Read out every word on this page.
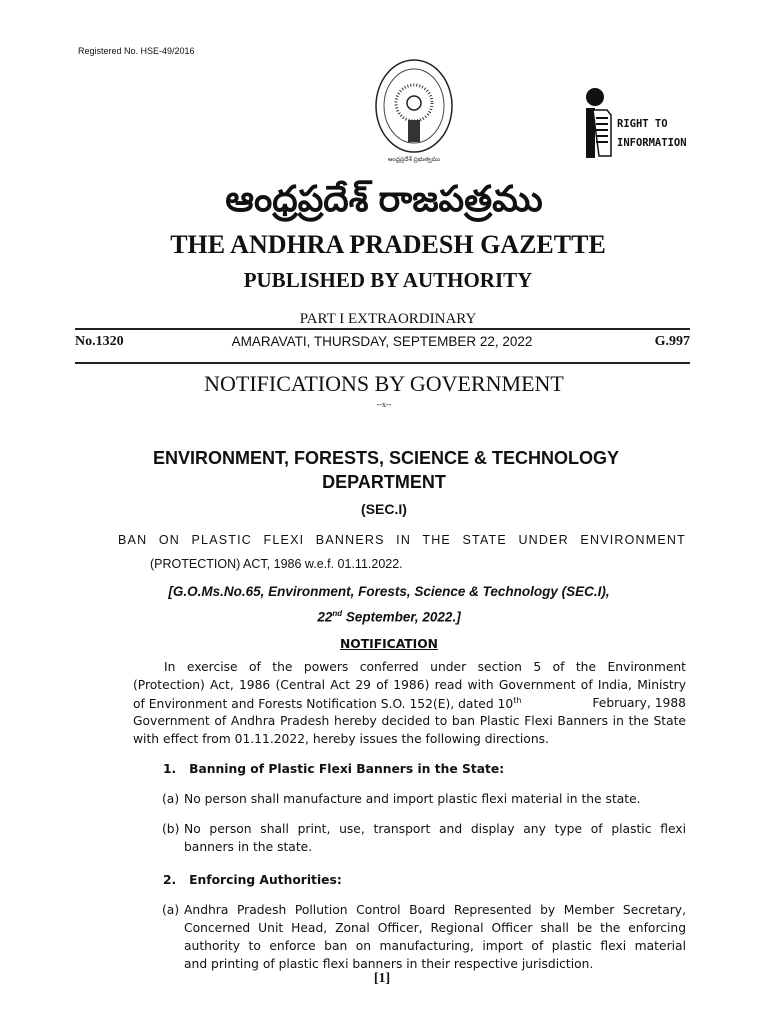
Registered No. HSE-49/2016
ఆంధ్రప్రదేశ్ ప్రభుత్వము
RIGHT TO
INFORMATION
ఆంధ్రప్రదేశ్ రాజపత్రము
THE ANDHRA PRADESH GAZETTE
PUBLISHED BY AUTHORITY
PART I EXTRAORDINARY
No.1320	AMARAVATI, THURSDAY, SEPTEMBER 22, 2022	G.997
NOTIFICATIONS BY GOVERNMENT
--x--
ENVIRONMENT, FORESTS, SCIENCE & TECHNOLOGY
DEPARTMENT
(SEC.I)
BAN ON PLASTIC FLEXI BANNERS IN THE STATE UNDER ENVIRONMENT
(PROTECTION) ACT, 1986 w.e.f. 01.11.2022.
[G.O.Ms.No.65, Environment, Forests, Science & Technology (SEC.I),
22nd September, 2022.]
NOTIFICATION
In exercise of the powers conferred under section 5 of the Environment
(Protection) Act, 1986 (Central Act 29 of 1986) read with Government of India, Ministry
of Environment and Forests Notification S.O. 152(E), dated 10th	February, 1988
Government of Andhra Pradesh hereby decided to ban Plastic Flexi Banners in the State
with effect from 01.11.2022, hereby issues the following directions.
1.   Banning of Plastic Flexi Banners in the State:
(a) No person shall manufacture and import plastic flexi material in the state.
(b) No person shall print, use, transport and display any type of plastic flexi
banners in the state.
2.   Enforcing Authorities:
(a) Andhra Pradesh Pollution Control Board Represented by Member Secretary,
Concerned Unit Head, Zonal Officer, Regional Officer shall be the enforcing
authority to enforce ban on manufacturing, import of plastic flexi material
and printing of plastic flexi banners in their respective jurisdiction.
[1]
